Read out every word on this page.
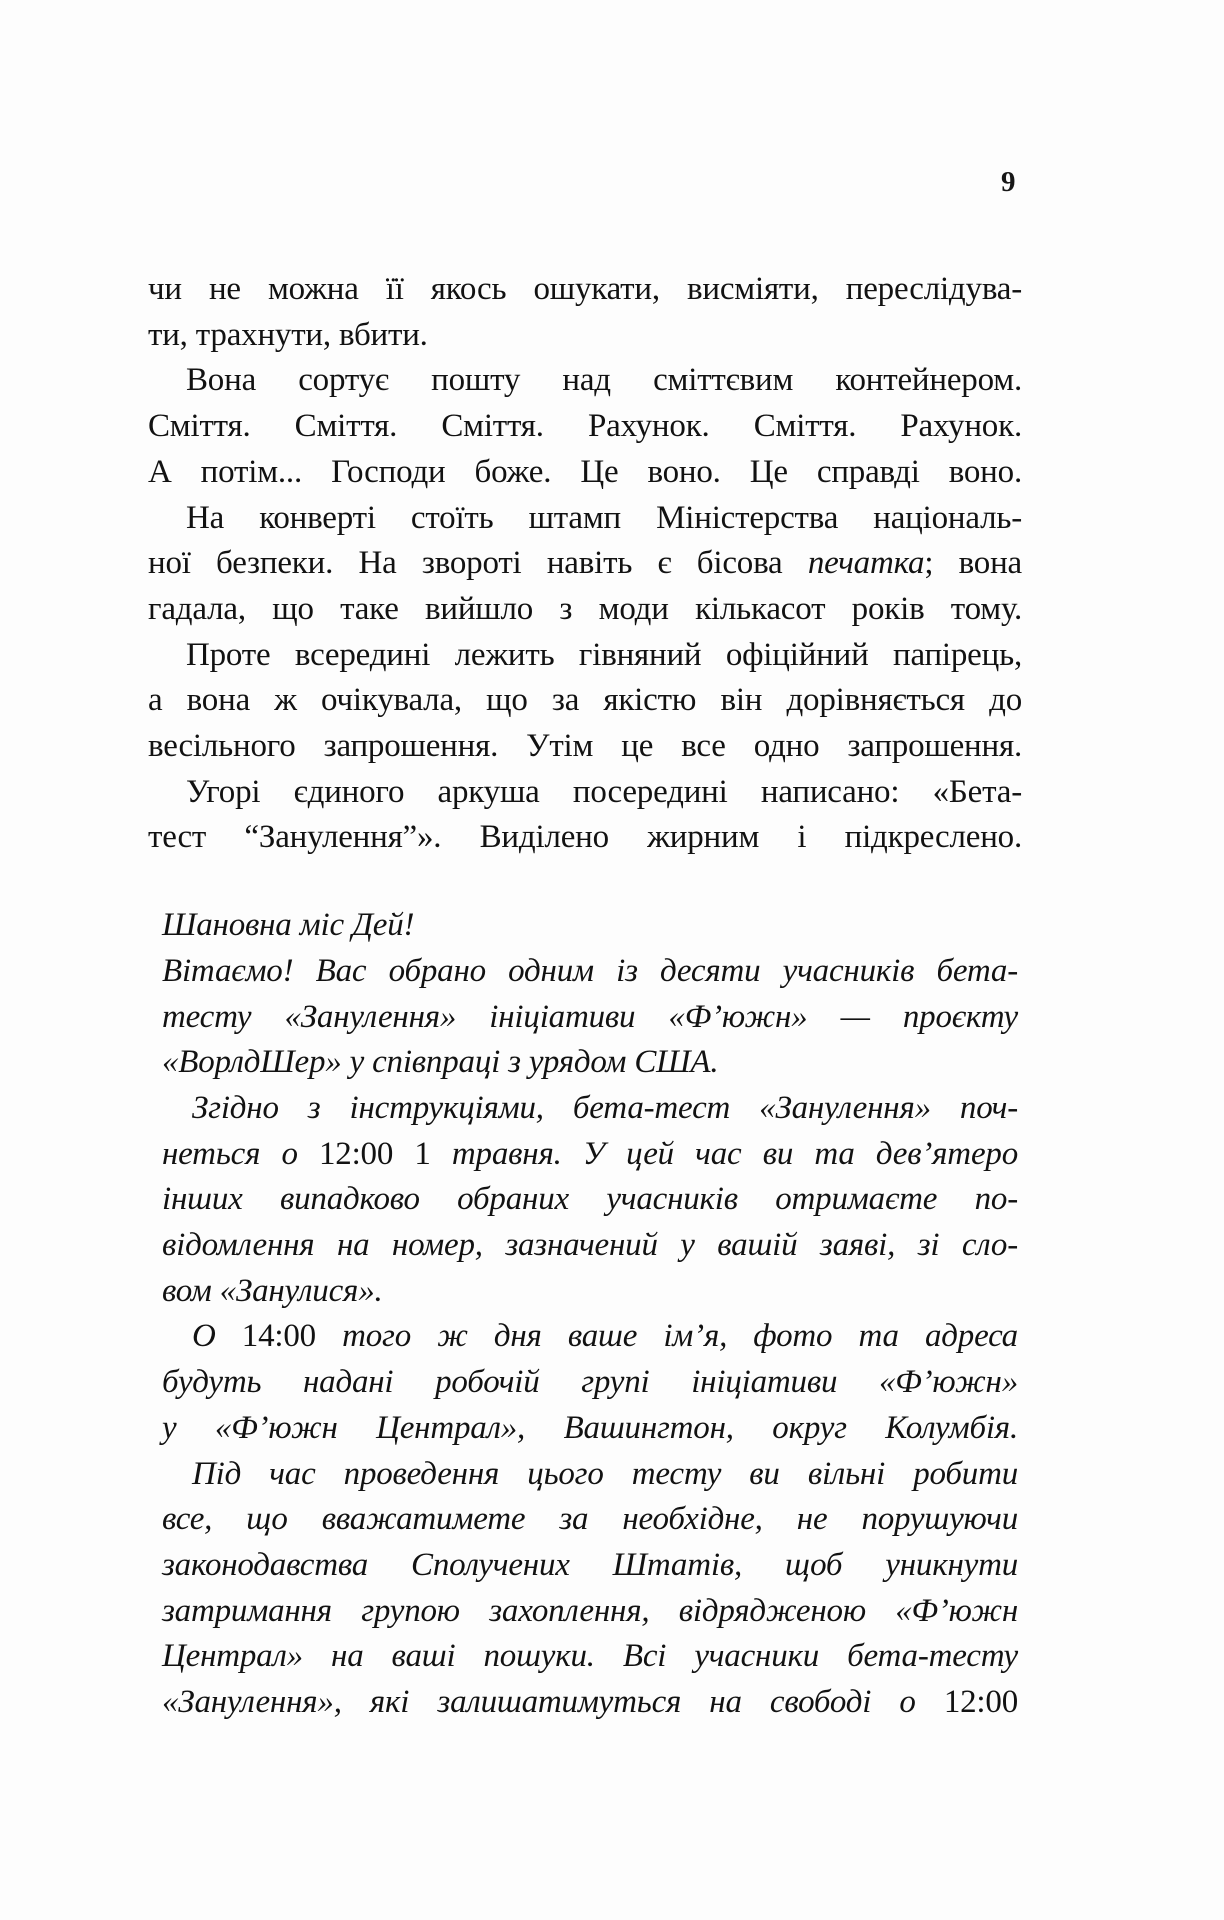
9
чи не можна її якось ошукати, висміяти, переслідува-
ти, трахнути, вбити.
Вона сортує пошту над сміттєвим контейнером.
Сміття. Сміття. Сміття. Рахунок. Сміття. Рахунок.
А потім... Господи боже. Це воно. Це справді воно.
На конверті стоїть штамп Міністерства національ-
ної безпеки. На звороті навіть є бісова печатка; вона
гадала, що таке вийшло з моди кількасот років тому.
Проте всередині лежить гівняний офіційний папірець,
а вона ж очікувала, що за якістю він дорівняється до
весільного запрошення. Утім це все одно запрошення.
Угорі єдиного аркуша посередині написано: «Бета-
тест “Занулення”». Виділено жирним і підкреслено.
Шановна міс Дей!
Вітаємо! Вас обрано одним із десяти учасників бета-
тесту «Занулення» ініціативи «Ф’южн» — проєкту
«ВорлдШер» у співпраці з урядом США.
Згідно з інструкціями, бета-тест «Занулення» поч-
неться о 12:00 1 травня. У цей час ви та дев’ятеро
інших випадково обраних учасників отримаєте по-
відомлення на номер, зазначений у вашій заяві, зі сло-
вом «Занулися».
О 14:00 того ж дня ваше ім’я, фото та адреса
будуть надані робочій групі ініціативи «Ф’южн»
у «Ф’южн Централ», Вашингтон, округ Колумбія.
Під час проведення цього тесту ви вільні робити
все, що вважатимете за необхідне, не порушуючи
законодавства Сполучених Штатів, щоб уникнути
затримання групою захоплення, відрядженою «Ф’южн
Централ» на ваші пошуки. Всі учасники бета-тесту
«Занулення», які залишатимуться на свободі о 12:00
